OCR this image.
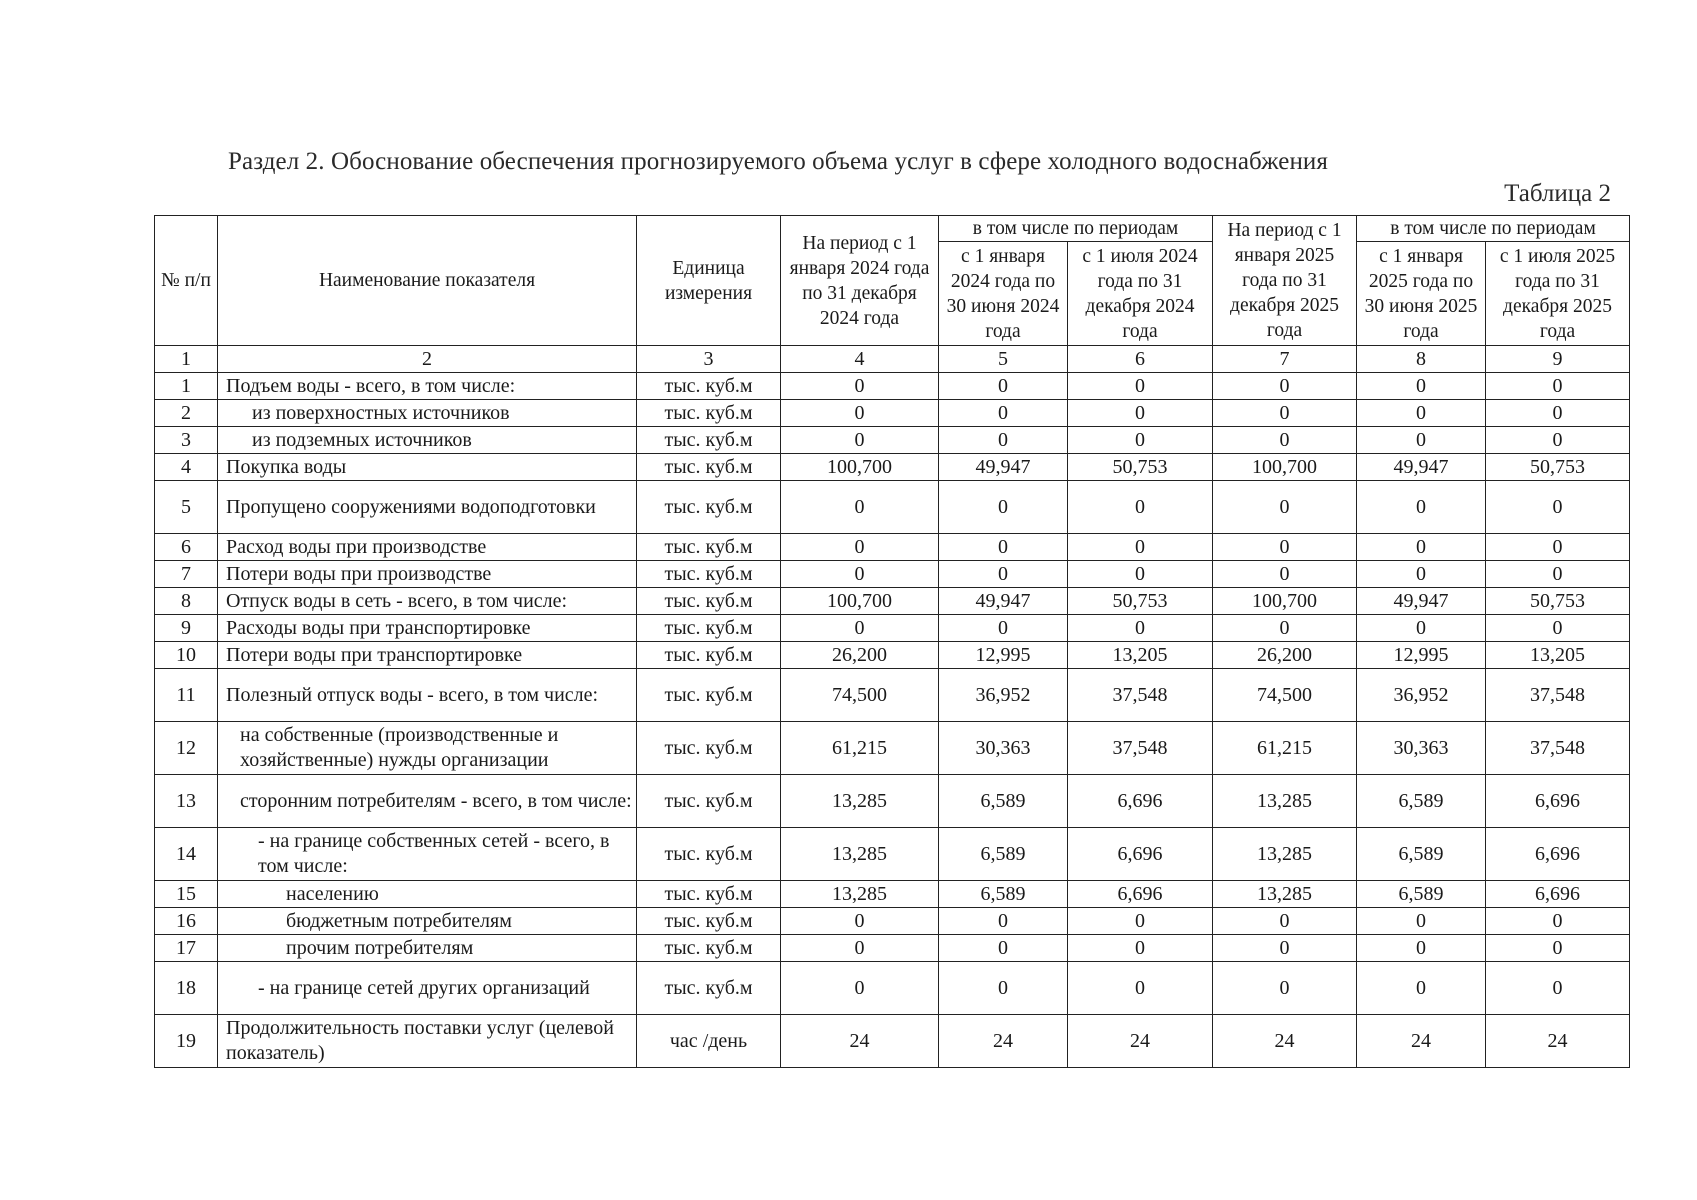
Раздел 2. Обоснование обеспечения прогнозируемого объема услуг в сфере холодного водоснабжения
Таблица 2
№ п/п	Наименование показателя	Единица измерения	На период с 1 января 2024 года по 31 декабря 2024 года	в том числе по периодам		На период с 1 января 2025 года по 31 декабря 2025 года	в том числе по периодам	
				с 1 января 2024 года по 30 июня 2024 года	с 1 июля 2024 года по 31 декабря 2024 года		с 1 января 2025 года по 30 июня 2025 года	с 1 июля 2025 года по 31 декабря 2025 года
1	2	3	4	5	6	7	8	9
1	Подъем воды - всего, в том числе:	тыс. куб.м	0	0	0	0	0	0
2	из поверхностных источников	тыс. куб.м	0	0	0	0	0	0
3	из подземных источников	тыс. куб.м	0	0	0	0	0	0
4	Покупка воды	тыс. куб.м	100,700	49,947	50,753	100,700	49,947	50,753
5	Пропущено сооружениями водоподготовки	тыс. куб.м	0	0	0	0	0	0
6	Расход воды при производстве	тыс. куб.м	0	0	0	0	0	0
7	Потери воды при производстве	тыс. куб.м	0	0	0	0	0	0
8	Отпуск воды в сеть - всего, в том числе:	тыс. куб.м	100,700	49,947	50,753	100,700	49,947	50,753
9	Расходы воды при транспортировке	тыс. куб.м	0	0	0	0	0	0
10	Потери воды при транспортировке	тыс. куб.м	26,200	12,995	13,205	26,200	12,995	13,205
11	Полезный отпуск воды - всего, в том числе:	тыс. куб.м	74,500	36,952	37,548	74,500	36,952	37,548
12	на собственные (производственные и хозяйственные) нужды организации	тыс. куб.м	61,215	30,363	37,548	61,215	30,363	37,548
13	сторонним потребителям - всего, в том числе:	тыс. куб.м	13,285	6,589	6,696	13,285	6,589	6,696
14	- на границе собственных сетей - всего, в том числе:	тыс. куб.м	13,285	6,589	6,696	13,285	6,589	6,696
15	населению	тыс. куб.м	13,285	6,589	6,696	13,285	6,589	6,696
16	бюджетным потребителям	тыс. куб.м	0	0	0	0	0	0
17	прочим потребителям	тыс. куб.м	0	0	0	0	0	0
18	- на границе сетей других организаций	тыс. куб.м	0	0	0	0	0	0
19	Продолжительность поставки услуг (целевой показатель)	час /день	24	24	24	24	24	24
